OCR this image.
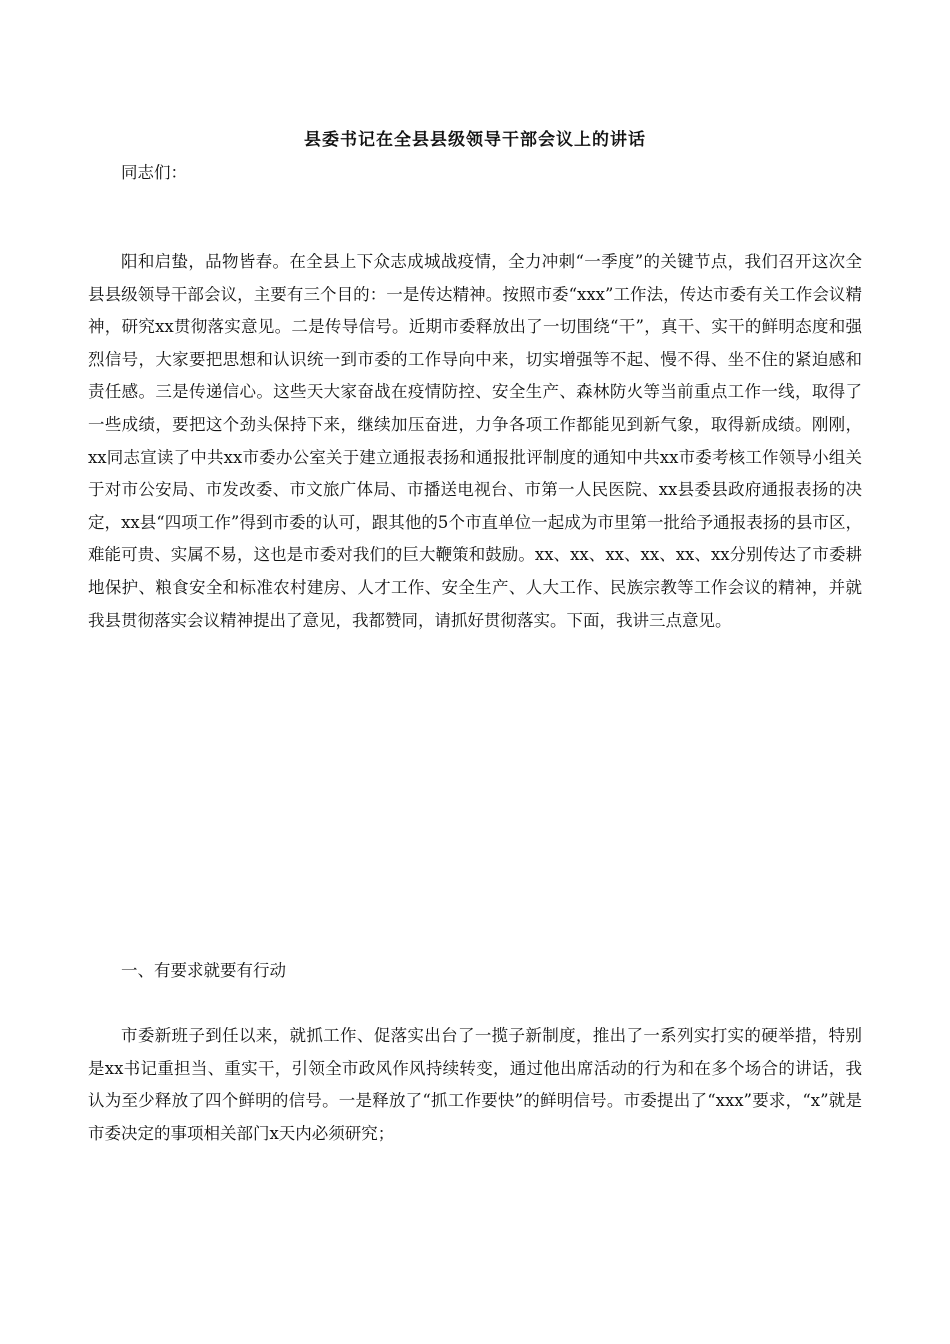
县委书记在全县县级领导干部会议上的讲话

同志们：

阳和启蛰，品物皆春。在全县上下众志成城战疫情，全力冲刺“一季度”的关键节点，我们召开这次全县县级领导干部会议，主要有三个目的：一是传达精神。按照市委“xxx”工作法，传达市委有关工作会议精神，研究xx贯彻落实意见。二是传导信号。近期市委释放出了一切围绕“干”，真干、实干的鲜明态度和强烈信号，大家要把思想和认识统一到市委的工作导向中来，切实增强等不起、慢不得、坐不住的紧迫感和责任感。三是传递信心。这些天大家奋战在疫情防控、安全生产、森林防火等当前重点工作一线，取得了一些成绩，要把这个劲头保持下来，继续加压奋进，力争各项工作都能见到新气象，取得新成绩。刚刚，xx同志宣读了中共xx市委办公室关于建立通报表扬和通报批评制度的通知中共xx市委考核工作领导小组关于对市公安局、市发改委、市文旅广体局、市播送电视台、市第一人民医院、xx县委县政府通报表扬的决定，xx县“四项工作”得到市委的认可，跟其他的5个市直单位一起成为市里第一批给予通报表扬的县市区，难能可贵、实属不易，这也是市委对我们的巨大鞭策和鼓励。xx、xx、xx、xx、xx、xx分别传达了市委耕地保护、粮食安全和标准农村建房、人才工作、安全生产、人大工作、民族宗教等工作会议的精神，并就我县贯彻落实会议精神提出了意见，我都赞同，请抓好贯彻落实。下面，我讲三点意见。

一、有要求就要有行动

市委新班子到任以来，就抓工作、促落实出台了一揽子新制度，推出了一系列实打实的硬举措，特别是xx书记重担当、重实干，引领全市政风作风持续转变，通过他出席活动的行为和在多个场合的讲话，我认为至少释放了四个鲜明的信号。一是释放了“抓工作要快”的鲜明信号。市委提出了“xxx”要求，“x”就是市委决定的事项相关部门x天内必须研究；
